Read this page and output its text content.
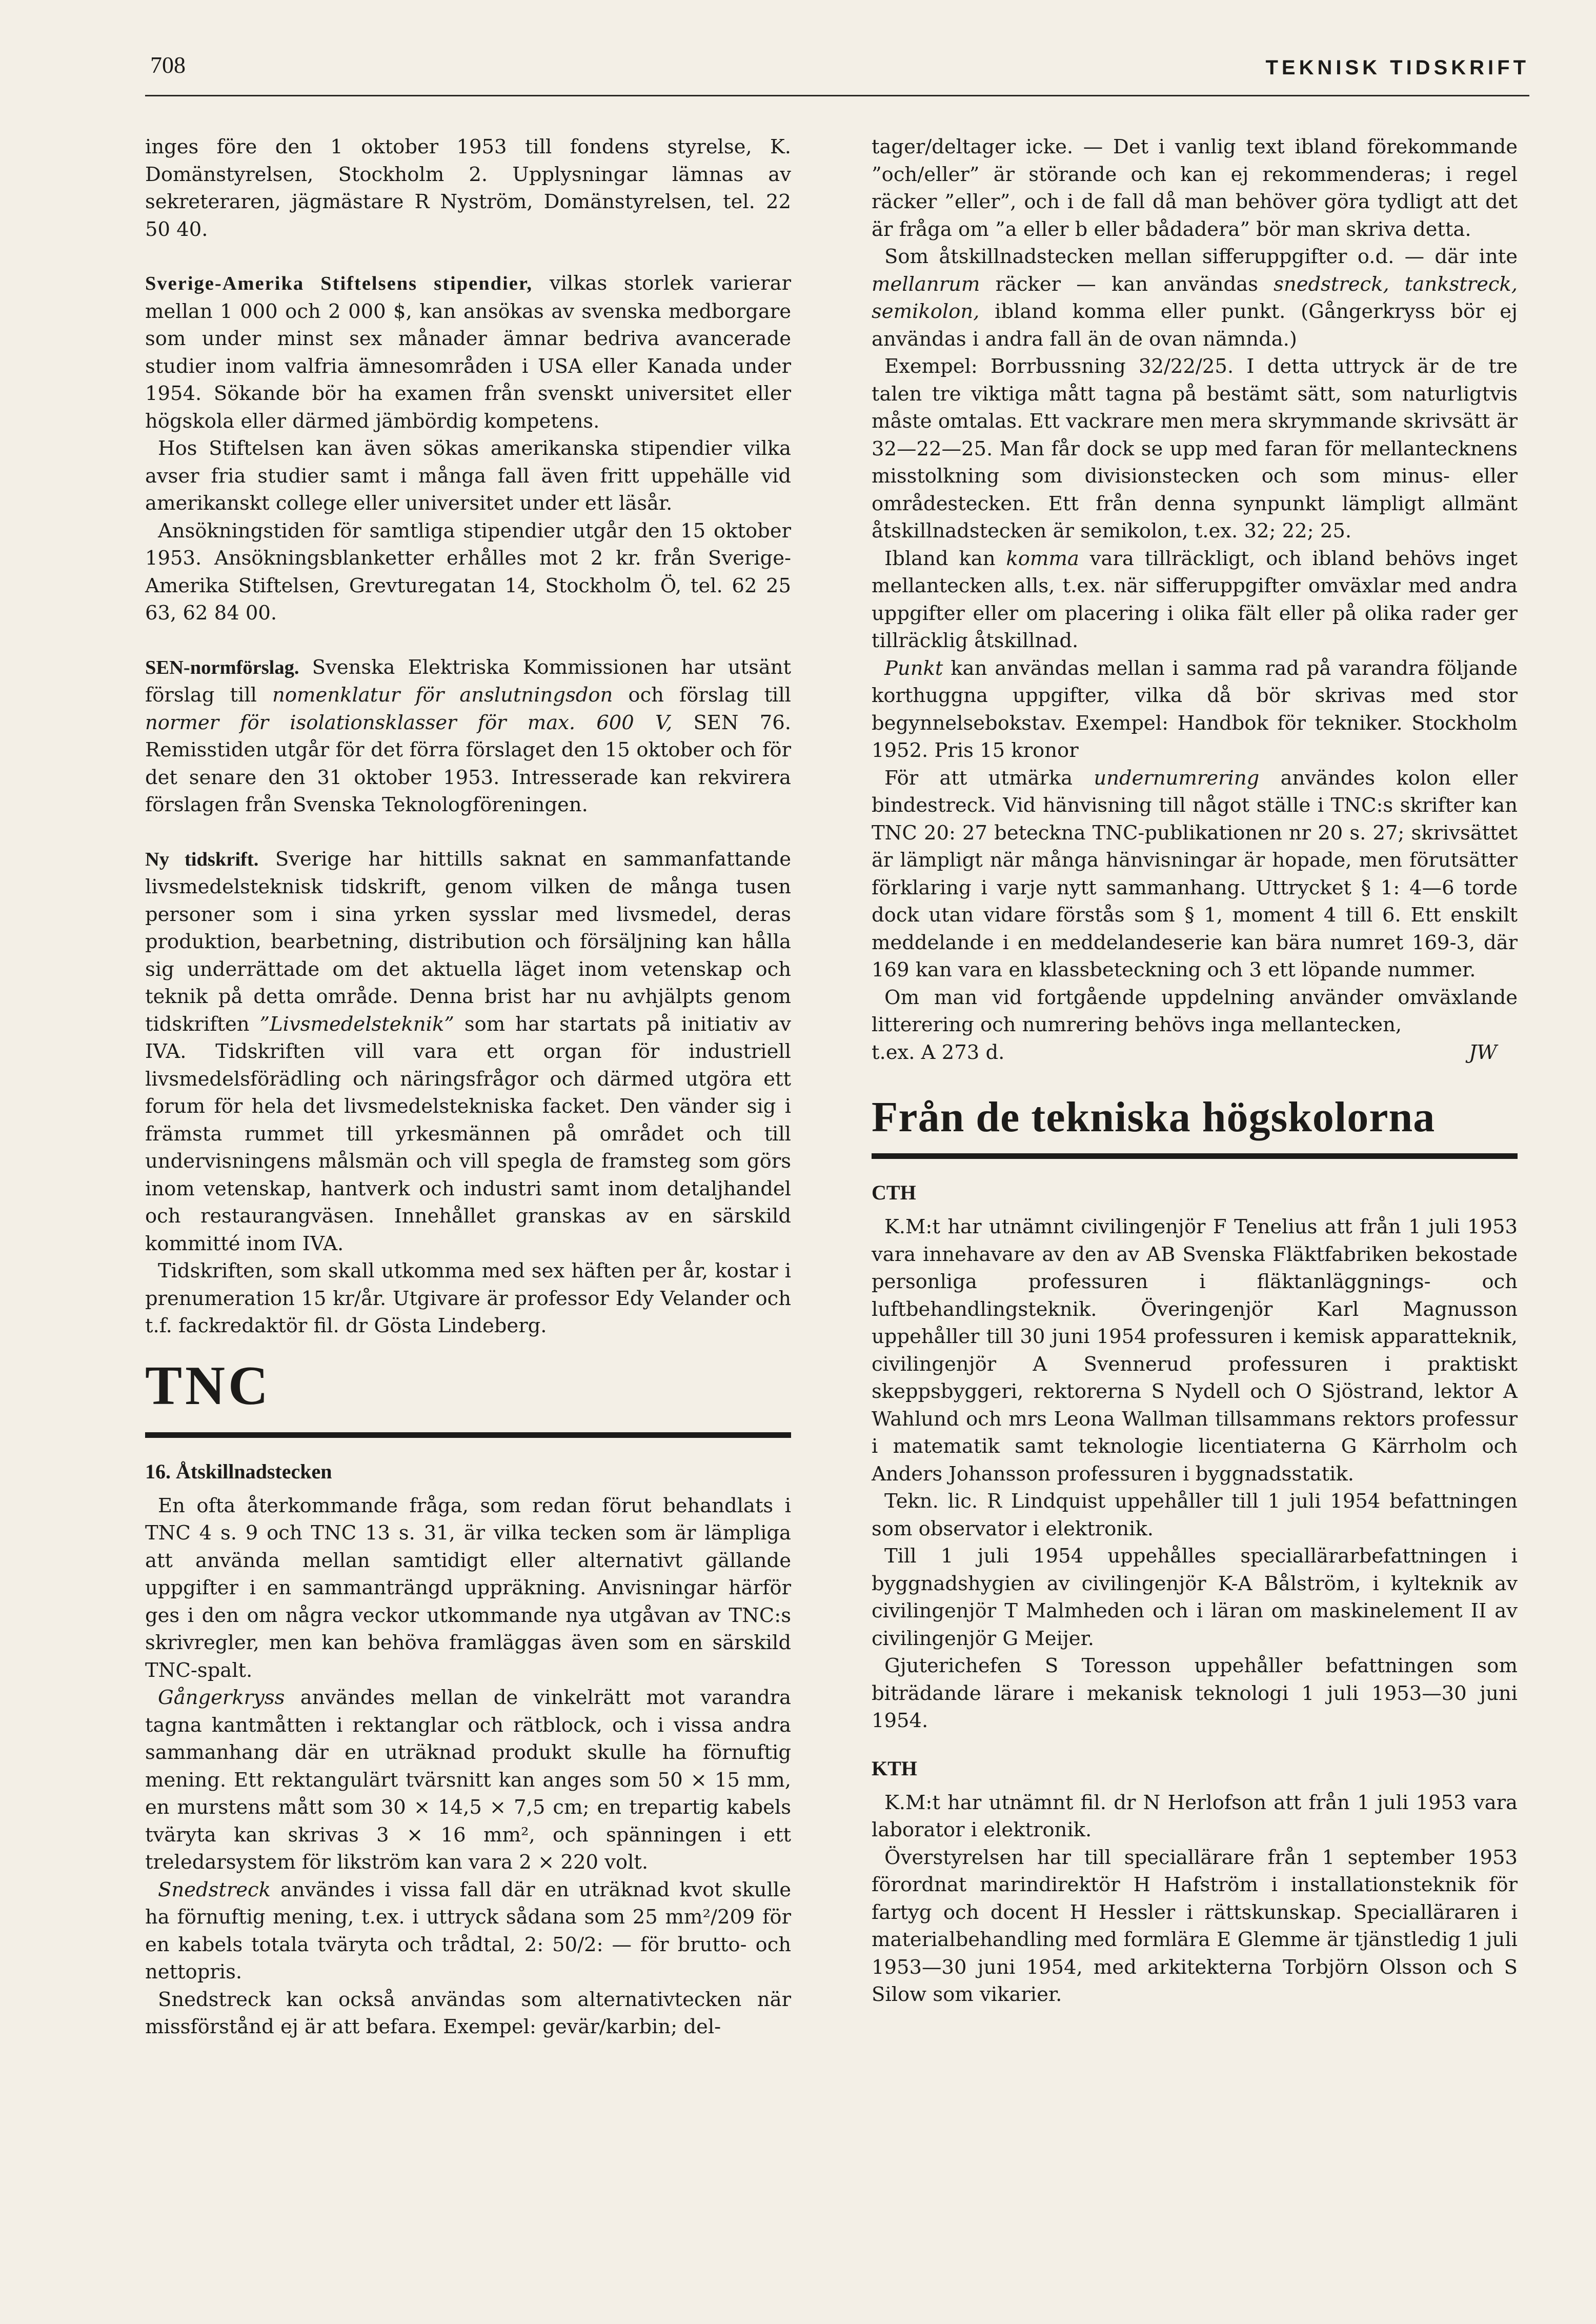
708	TEKNISK TIDSKRIFT

inges före den 1 oktober 1953 till fondens styrelse, K. Domänstyrelsen, Stockholm 2. Upplysningar lämnas av sekreteraren, jägmästare R Nyström, Domänstyrelsen, tel. 22 50 40.

Sverige-Amerika Stiftelsens stipendier, vilkas storlek varierar mellan 1 000 och 2 000 $, kan ansökas av svenska medborgare som under minst sex månader ämnar bedriva avancerade studier inom valfria ämnesområden i USA eller Kanada under 1954. Sökande bör ha examen från svenskt universitet eller högskola eller därmed jämbördig kompetens.

Hos Stiftelsen kan även sökas amerikanska stipendier vilka avser fria studier samt i många fall även fritt uppehälle vid amerikanskt college eller universitet under ett läsår.

Ansökningstiden för samtliga stipendier utgår den 15 oktober 1953. Ansökningsblanketter erhålles mot 2 kr. från Sverige-Amerika Stiftelsen, Grevturegatan 14, Stockholm Ö, tel. 62 25 63, 62 84 00.

SEN-normförslag. Svenska Elektriska Kommissionen har utsänt förslag till nomenklatur för anslutningsdon och förslag till normer för isolationsklasser för max. 600 V, SEN 76. Remisstiden utgår för det förra förslaget den 15 oktober och för det senare den 31 oktober 1953. Intresserade kan rekvirera förslagen från Svenska Teknologföreningen.

Ny tidskrift. Sverige har hittills saknat en sammanfattande livsmedelsteknisk tidskrift, genom vilken de många tusen personer som i sina yrken sysslar med livsmedel, deras produktion, bearbetning, distribution och försäljning kan hålla sig underrättade om det aktuella läget inom vetenskap och teknik på detta område. Denna brist har nu avhjälpts genom tidskriften ”Livsmedelsteknik” som har startats på initiativ av IVA. Tidskriften vill vara ett organ för industriell livsmedelsförädling och näringsfrågor och därmed utgöra ett forum för hela det livsmedelstekniska facket. Den vänder sig i främsta rummet till yrkesmännen på området och till undervisningens målsmän och vill spegla de framsteg som görs inom vetenskap, hantverk och industri samt inom detaljhandel och restaurangväsen. Innehållet granskas av en särskild kommitté inom IVA.

Tidskriften, som skall utkomma med sex häften per år, kostar i prenumeration 15 kr/år. Utgivare är professor Edy Velander och t.f. fackredaktör fil. dr Gösta Lindeberg.

TNC
16. Åtskillnadstecken

En ofta återkommande fråga, som redan förut behandlats i TNC 4 s. 9 och TNC 13 s. 31, är vilka tecken som är lämpliga att använda mellan samtidigt eller alternativt gällande uppgifter i en sammanträngd uppräkning. Anvisningar härför ges i den om några veckor utkommande nya utgåvan av TNC:s skrivregler, men kan behöva framläggas även som en särskild TNC-spalt.

Gångerkryss användes mellan de vinkelrätt mot varandra tagna kantmåtten i rektanglar och rätblock, och i vissa andra sammanhang där en uträknad produkt skulle ha förnuftig mening. Ett rektangulärt tvärsnitt kan anges som 50 × 15 mm, en murstens mått som 30 × 14,5 × 7,5 cm; en trepartig kabels tväryta kan skrivas 3 × 16 mm², och spänningen i ett treledarsystem för likström kan vara 2 × 220 volt.

Snedstreck användes i vissa fall där en uträknad kvot skulle ha förnuftig mening, t.ex. i uttryck sådana som 25 mm²/209 för en kabels totala tvärytа och trådtal, 2: 50/2: — för brutto- och nettopris.

Snedstreck kan också användas som alternativtecken när missförstånd ej är att befara. Exempel: gevär/karbin; del-

tager/deltager icke. — Det i vanlig text ibland förekommande ”och/eller” är störande och kan ej rekommenderas; i regel räcker ”eller”, och i de fall då man behöver göra tydligt att det är fråga om ”a eller b eller bådadera” bör man skriva detta.

Som åtskillnadstecken mellan sifferuppgifter o.d. — där inte mellanrum räcker — kan användas snedstreck, tankstreck, semikolon, ibland komma eller punkt. (Gångerkryss bör ej användas i andra fall än de ovan nämnda.)

Exempel: Borrbussning 32/22/25. I detta uttryck är de tre talen tre viktiga mått tagna på bestämt sätt, som naturligtvis måste omtalas. Ett vackrare men mera skrymmande skrivsätt är 32—22—25. Man får dock se upp med faran för mellantecknens misstolkning som divisionstecken och som minus- eller områdestecken. Ett från denna synpunkt lämpligt allmänt åtskillnadstecken är semikolon, t.ex. 32; 22; 25.

Ibland kan komma vara tillräckligt, och ibland behövs inget mellantecken alls, t.ex. när sifferuppgifter omväxlar med andra uppgifter eller om placering i olika fält eller på olika rader ger tillräcklig åtskillnad.

Punkt kan användas mellan i samma rad på varandra följande korthuggna uppgifter, vilka då bör skrivas med stor begynnelsebokstav. Exempel: Handbok för tekniker. Stockholm 1952. Pris 15 kronor

För att utmärka undernumrering användes kolon eller bindestreck. Vid hänvisning till något ställe i TNC:s skrifter kan TNC 20: 27 beteckna TNC-publikationen nr 20 s. 27; skrivsättet är lämpligt när många hänvisningar är hopade, men förutsätter förklaring i varje nytt sammanhang. Uttrycket § 1: 4—6 torde dock utan vidare förstås som § 1, moment 4 till 6. Ett enskilt meddelande i en meddelandeserie kan bära numret 169-3, där 169 kan vara en klassbeteckning och 3 ett löpande nummer.

Om man vid fortgående uppdelning använder omväxlande litterering och numrering behövs inga mellantecken,

t.ex. A 273 d.	JW

Från de tekniska högskolorna
CTH

K.M:t har utnämnt civilingenjör F Tenelius att från 1 juli 1953 vara innehavare av den av AB Svenska Fläktfabriken bekostade personliga professuren i fläktanläggnings- och luftbehandlingsteknik. Överingenjör Karl Magnusson uppehåller till 30 juni 1954 professuren i kemisk apparatteknik, civilingenjör A Svennerud professuren i praktiskt skeppsbyggeri, rektorerna S Nydell och O Sjöstrand, lektor A Wahlund och mrs Leona Wallman tillsammans rektors professur i matematik samt teknologie licentiaterna G Kärrholm och Anders Johansson professuren i byggnadsstatik.

Tekn. lic. R Lindquist uppehåller till 1 juli 1954 befattningen som observator i elektronik.

Till 1 juli 1954 uppehålles speciallärarbefattningen i byggnadshygien av civilingenjör K-A Bålström, i kylteknik av civilingenjör T Malmheden och i läran om maskinelement II av civilingenjör G Meijer.

Gjuterichefen S Toresson uppehåller befattningen som biträdande lärare i mekanisk teknologi 1 juli 1953—30 juni 1954.

KTH

K.M:t har utnämnt fil. dr N Herlofson att från 1 juli 1953 vara laborator i elektronik.

Överstyrelsen har till speciallärare från 1 september 1953 förordnat marindirektör H Hafström i installationsteknik för fartyg och docent H Hessler i rättskunskap. Speciallärаren i materialbehandling med formlära E Glemme är tjänstledig 1 juli 1953—30 juni 1954, med arkitekterna Torbjörn Olsson och S Silow som vikarier.
